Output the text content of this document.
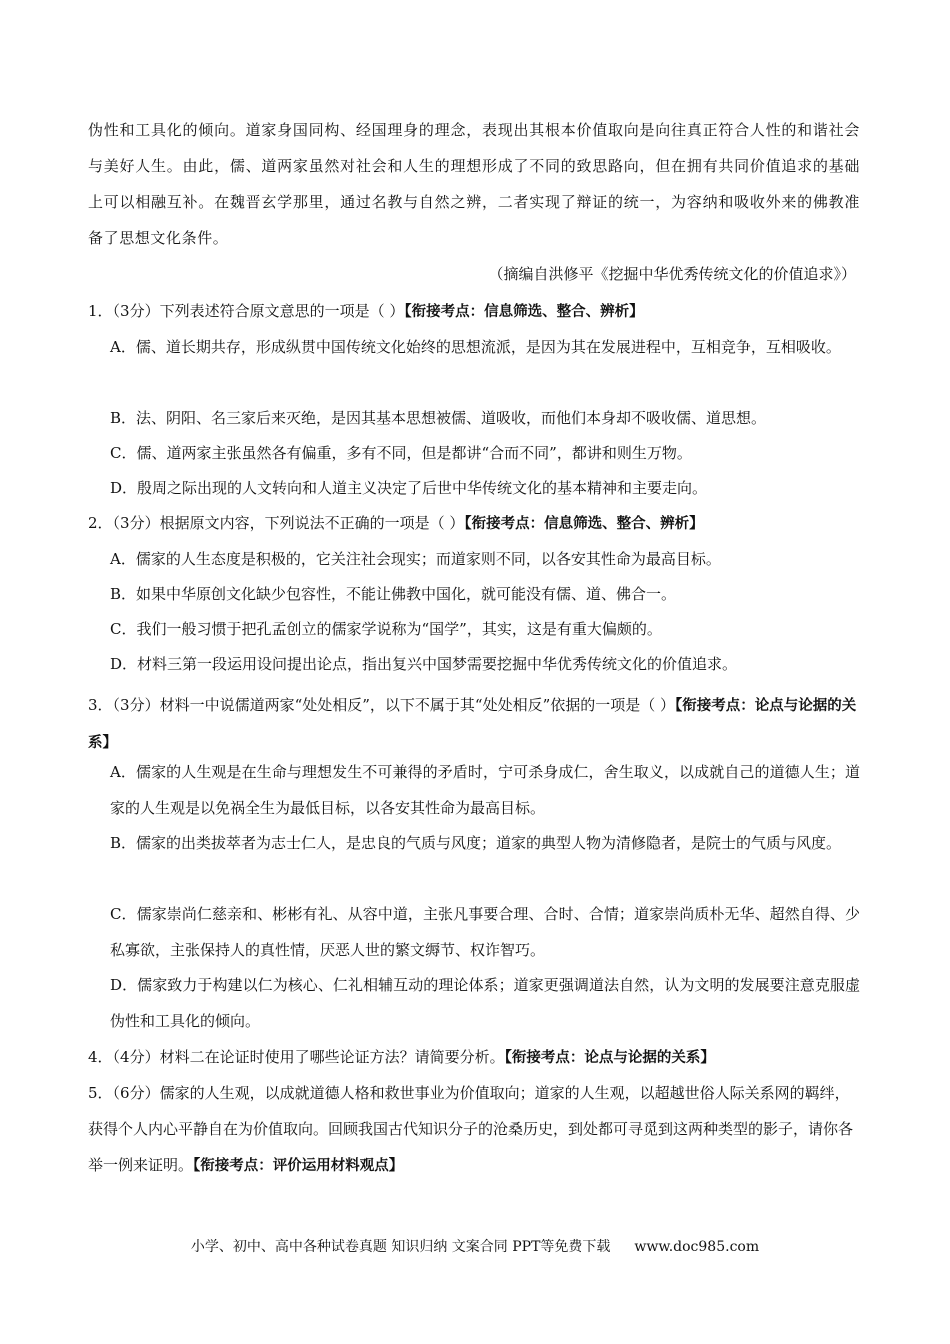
伪性和工具化的倾向。道家身国同构、经国理身的理念，表现出其根本价值取向是向往真正符合人性的和谐社会与美好人生。由此，儒、道两家虽然对社会和人生的理想形成了不同的致思路向，但在拥有共同价值追求的基础上可以相融互补。在魏晋玄学那里，通过名教与自然之辨，二者实现了辩证的统一，为容纳和吸收外来的佛教准备了思想文化条件。

（摘编自洪修平《挖掘中华优秀传统文化的价值追求》）

1．（3分）下列表述符合原文意思的一项是（ ）【衔接考点：信息筛选、整合、辨析】

A．儒、道长期共存，形成纵贯中国传统文化始终的思想流派，是因为其在发展进程中，互相竞争，互相吸收。

B．法、阴阳、名三家后来灭绝，是因其基本思想被儒、道吸收，而他们本身却不吸收儒、道思想。

C．儒、道两家主张虽然各有偏重，多有不同，但是都讲“合而不同”，都讲和则生万物。

D．殷周之际出现的人文转向和人道主义决定了后世中华传统文化的基本精神和主要走向。

2．（3分）根据原文内容，下列说法不正确的一项是（ ）【衔接考点：信息筛选、整合、辨析】

A．儒家的人生态度是积极的，它关注社会现实；而道家则不同，以各安其性命为最高目标。

B．如果中华原创文化缺少包容性，不能让佛教中国化，就可能没有儒、道、佛合一。

C．我们一般习惯于把孔孟创立的儒家学说称为“国学”，其实，这是有重大偏颇的。

D．材料三第一段运用设问提出论点，指出复兴中国梦需要挖掘中华优秀传统文化的价值追求。

3．（3分）材料一中说儒道两家“处处相反”，以下不属于其“处处相反”依据的一项是（ ）【衔接考点：论点与论据的关系】

A．儒家的人生观是在生命与理想发生不可兼得的矛盾时，宁可杀身成仁，舍生取义，以成就自己的道德人生；道家的人生观是以免祸全生为最低目标，以各安其性命为最高目标。

B．儒家的出类拔萃者为志士仁人，是忠良的气质与风度；道家的典型人物为清修隐者，是院士的气质与风度。

C．儒家崇尚仁慈亲和、彬彬有礼、从容中道，主张凡事要合理、合时、合情；道家崇尚质朴无华、超然自得、少私寡欲，主张保持人的真性情，厌恶人世的繁文缛节、权诈智巧。

D．儒家致力于构建以仁为核心、仁礼相辅互动的理论体系；道家更强调道法自然，认为文明的发展要注意克服虚伪性和工具化的倾向。

4．（4分）材料二在论证时使用了哪些论证方法？请简要分析。【衔接考点：论点与论据的关系】

5．（6分）儒家的人生观，以成就道德人格和救世事业为价值取向；道家的人生观，以超越世俗人际关系网的羁绊，获得个人内心平静自在为价值取向。回顾我国古代知识分子的沧桑历史，到处都可寻觅到这两种类型的影子，请你各举一例来证明。【衔接考点：评价运用材料观点】

小学、初中、高中各种试卷真题 知识归纳 文案合同 PPT等免费下载 www.doc985.com
